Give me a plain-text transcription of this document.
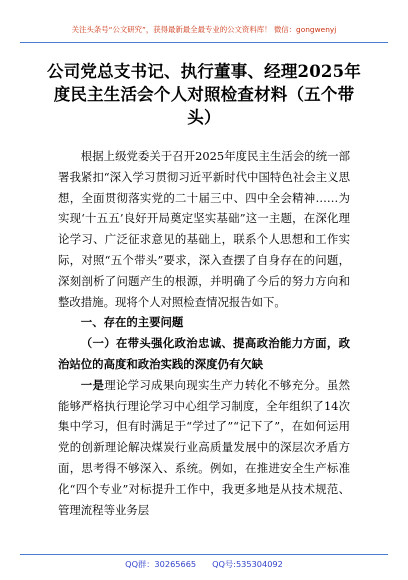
关注头条号“公文研究”，获得最新最全最专业的公文资料库！ 微信：gongwenyj
公司党总支书记、执行董事、经理2025年度民主生活会个人对照检查材料（五个带头）

根据上级党委关于召开2025年度民主生活会的统一部署我紧扣“深入学习贯彻习近平新时代中国特色社会主义思想，全面贯彻落实党的二十届三中、四中全会精神……为实现‘十五五’良好开局奠定坚实基础”这一主题，在深化理论学习、广泛征求意见的基础上，联系个人思想和工作实际，对照“五个带头”要求，深入查摆了自身存在的问题，深刻剖析了问题产生的根源，并明确了今后的努力方向和整改措施。现将个人对照检查情况报告如下。

一、存在的主要问题

（一）在带头强化政治忠诚、提高政治能力方面，政治站位的高度和政治实践的深度仍有欠缺

一是理论学习成果向现实生产力转化不够充分。虽然能够严格执行理论学习中心组学习制度，全年组织了14次集中学习，但有时满足于“学过了”“记下了”，在如何运用党的创新理论解决煤炭行业高质量发展中的深层次矛盾方面，思考得不够深入、系统。例如，在推进安全生产标准化“四个专业”对标提升工作中，我更多地是从技术规范、管理流程等业务层

QQ群：30265665 QQ号:535304092
